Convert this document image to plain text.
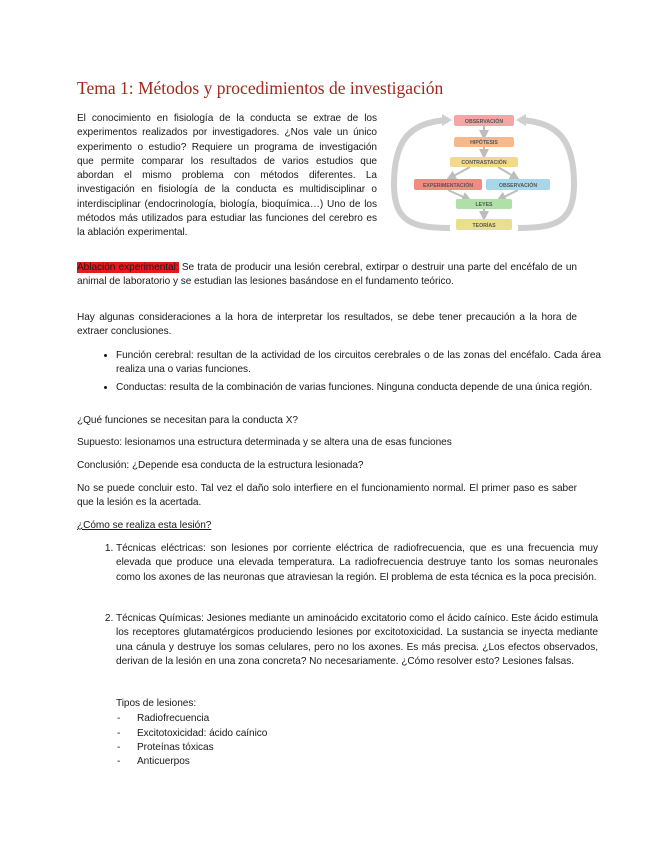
Tema 1: Métodos y procedimientos de investigación
El conocimiento en fisiología de la conducta se extrae de los experimentos realizados por investigadores. ¿Nos vale un único experimento o estudio? Requiere un programa de investigación que permite comparar los resultados de varios estudios que abordan el mismo problema con métodos diferentes. La investigación en fisiología de la conducta es multidisciplinar o interdisciplinar (endocrinología, biología, bioquímica…) Uno de los métodos más utilizados para estudiar las funciones del cerebro es la ablación experimental.
OBSERVACIÓN
HIPÓTESIS
CONTRASTACIÓN
EXPERIMENTACIÓN	OBSERVACIÓN
LEYES
TEORÍAS

Ablación experimental: Se trata de producir una lesión cerebral, extirpar o destruir una parte del encéfalo de un animal de laboratorio y se estudian las lesiones basándose en el fundamento teórico.

Hay algunas consideraciones a la hora de interpretar los resultados, se debe tener precaución a la hora de extraer conclusiones.

• Función cerebral: resultan de la actividad de los circuitos cerebrales o de las zonas del encéfalo. Cada área realiza una o varias funciones.
• Conductas: resulta de la combinación de varias funciones. Ninguna conducta depende de una única región.

¿Qué funciones se necesitan para la conducta X?

Supuesto: lesionamos una estructura determinada y se altera una de esas funciones

Conclusión: ¿Depende esa conducta de la estructura lesionada?

No se puede concluir esto. Tal vez el daño solo interfiere en el funcionamiento normal. El primer paso es saber que la lesión es la acertada.

¿Cómo se realiza esta lesión?

1. Técnicas eléctricas: son lesiones por corriente eléctrica de radiofrecuencia, que es una frecuencia muy elevada que produce una elevada temperatura. La radiofrecuencia destruye tanto los somas neuronales como los axones de las neuronas que atraviesan la región. El problema de esta técnica es la poca precisión.
2. Técnicas Químicas: Jesiones mediante un aminoácido excitatorio como el ácido caínico. Este ácido estimula los receptores glutamatérgicos produciendo lesiones por excitotoxicidad. La sustancia se inyecta mediante una cánula y destruye los somas celulares, pero no los axones. Es más precisa. ¿Los efectos observados, derivan de la lesión en una zona concreta? No necesariamente. ¿Cómo resolver esto? Lesiones falsas.
Tipos de lesiones:
- Radiofrecuencia
- Excitotoxicidad: ácido caínico
- Proteínas tóxicas
- Anticuerpos
